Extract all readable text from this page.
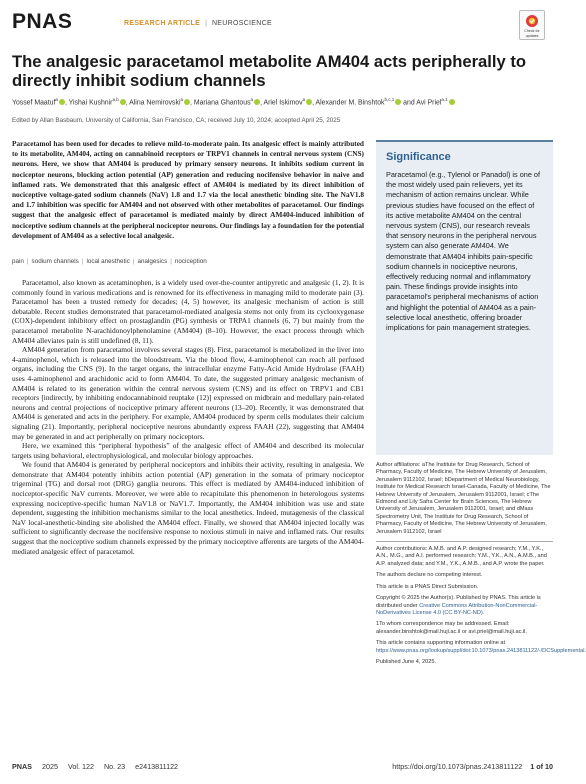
PNAS	RESEARCH ARTICLE | NEUROSCIENCE
Check for
updates
The analgesic paracetamol metabolite AM404 acts peripherally to directly inhibit sodium channels
Yossef Maatuf$^a$ , Yishai Kushnir$^{a,b}$ , Alina Nemirovski$^a$ , Mariana Ghantous$^a$ , Ariel Iskimov$^a$ , Alexander M. Binshtok$^{b,c,1}$ and Avi Priel$^{a,1}$
Edited by Allan Basbaum, University of California, San Francisco, CA; received July 10, 2024; accepted April 25, 2025
Paracetamol has been used for decades to relieve mild-to-moderate pain. Its analgesic effect is mainly attributed to its metabolite, AM404, acting on cannabinoid receptors or TRPV1 channels in central nervous system (CNS) neurons. Here, we show that AM404 is produced by primary sensory neurons. It inhibits sodium current in nociceptor neurons, blocking action potential (AP) generation and reducing nocifensive behavior in naive and inflamed rats. We demonstrated that this analgesic effect of AM404 is mediated by its direct inhibition of nociceptive voltage-gated sodium channels (NaV) 1.8 and 1.7 via the local anesthetic binding site. The NaV1.8 and 1.7 inhibition was specific for AM404 and not observed with other metabolites of paracetamol. Our findings suggest that the analgesic effect of paracetamol is mediated mainly by direct AM404-induced inhibition of nociceptive sodium channels at the peripheral nociceptor neurons. Our findings lay a foundation for the potential development of AM404 as a selective local analgesic.
pain | sodium channels | local anesthetic | analgesics | nociception

Paracetamol, also known as acetaminophen, is a widely used over-the-counter antipyretic and analgesic (1, 2). It is commonly found in various medications and is renowned for its effectiveness in managing mild to moderate pain (3). Paracetamol has been a trusted remedy for decades; (4, 5) however, its analgesic mechanism of action is still debatable. Recent studies demonstrated that paracetamol-mediated analgesia stems not only from its cyclooxygenase (COX)-dependent inhibitory effect on prostaglandin (PG) synthesis or TRPA1 channels (6, 7) but mainly from the paracetamol metabolite N-arachidonoylphenolamine (AM404) (8–10). However, the exact process through which AM404 alleviates pain is still undefined (8, 11).

AM404 generation from paracetamol involves several stages (8). First, paracetamol is metabolized in the liver into 4-aminophenol, which is released into the bloodstream. Via the blood flow, 4-aminophenol can reach all perfused organs, including the CNS (9). In the target organs, the intracellular enzyme Fatty-Acid Amide Hydrolase (FAAH) uses 4-aminophenol and arachidonic acid to form AM404. To date, the suggested primary analgesic mechanism of AM404 is related to its generation within the central nervous system (CNS) and its effect on TRPV1 and CB1 receptors [indirectly, by inhibiting endocannabinoid reuptake (12)] expressed on midbrain and medullary pain-related neurons and central projections of nociceptive primary afferent neurons (13–20). Recently, it was demonstrated that AM404 is generated and acts in the periphery. For example, AM404 produced by sperm cells modulates their calcium signaling (21). Importantly, peripheral nociceptive neurons abundantly express FAAH (22), suggesting that AM404 may be generated in and act peripherally on primary nociceptors.

Here, we examined this “peripheral hypothesis” of the analgesic effect of AM404 and described its molecular targets using behavioral, electrophysiological, and molecular biology approaches.

We found that AM404 is generated by peripheral nociceptors and inhibits their activity, resulting in analgesia. We demonstrate that AM404 potently inhibits action potential (AP) generation in the somata of primary nociceptor trigeminal (TG) and dorsal root (DRG) ganglia neurons. This effect is mediated by AM404-induced inhibition of nociceptor-specific NaV currents. Moreover, we were able to recapitulate this phenomenon in heterologous systems expressing nociceptive-specific human NaV1.8 or NaV1.7. Importantly, the AM404 inhibition was use and state dependent, suggesting the inhibition mechanisms similar to the local anesthetics. Indeed, mutagenesis of the classical NaV local-anesthetic-binding site abolished the AM404 effect. Finally, we showed that AM404 injected locally was sufficient to significantly decrease the nocifensive response to noxious stimuli in naive and inflamed rats. Our results suggest that the nociceptive sodium channels expressed by the primary nociceptive afferents are targets of the AM404-mediated analgesic effect of paracetamol.

Significance
Paracetamol (e.g., Tylenol or Panadol) is one of the most widely used pain relievers, yet its mechanism of action remains unclear. While previous studies have focused on the effect of its active metabolite AM404 on the central nervous system (CNS), our research reveals that sensory neurons in the peripheral nervous system can also generate AM404. We demonstrate that AM404 inhibits pain-specific sodium channels in nociceptive neurons, effectively reducing normal and inflammatory pain. These findings provide insights into paracetamol's peripheral mechanisms of action and highlight the potential of AM404 as a pain-selective local anesthetic, offering broader implications for pain management strategies.
Author affiliations: aThe Institute for Drug Research, School of Pharmacy, Faculty of Medicine, The Hebrew University of Jerusalem, Jerusalem 9112102, Israel; bDepartment of Medical Neurobiology, Institute for Medical Research Israel-Canada, Faculty of Medicine, The Hebrew University of Jerusalem, Jerusalem 9112001, Israel; cThe Edmond and Lily Safra Center for Brain Sciences, The Hebrew University of Jerusalem, Jerusalem 9112001, Israel; and dMass Spectrometry Unit, The Institute for Drug Research, School of Pharmacy, Faculty of Medicine, The Hebrew University of Jerusalem, Jerusalem 9112102, Israel
Author contributions: A.M.B. and A.P. designed research; Y.M., Y.K., A.N., M.G., and A.I. performed research; Y.M., Y.K., A.N., A.M.B., and A.P. analyzed data; and Y.M., Y.K., A.M.B., and A.P. wrote the paper.
The authors declare no competing interest.
This article is a PNAS Direct Submission.
Copyright © 2025 the Author(s). Published by PNAS. This article is distributed under Creative Commons Attribution-NonCommercial-NoDerivatives License 4.0 (CC BY-NC-ND).
1To whom correspondence may be addressed. Email: alexander.binshtok@mail.huji.ac.il or avi.priel@mail.huji.ac.il.
This article contains supporting information online at https://www.pnas.org/lookup/suppl/doi:10.1073/pnas.2413811122/-/DCSupplemental.
Published June 4, 2025.
PNAS 2025 Vol. 122 No. 23 e2413811122	https://doi.org/10.1073/pnas.2413811122 1 of 10
